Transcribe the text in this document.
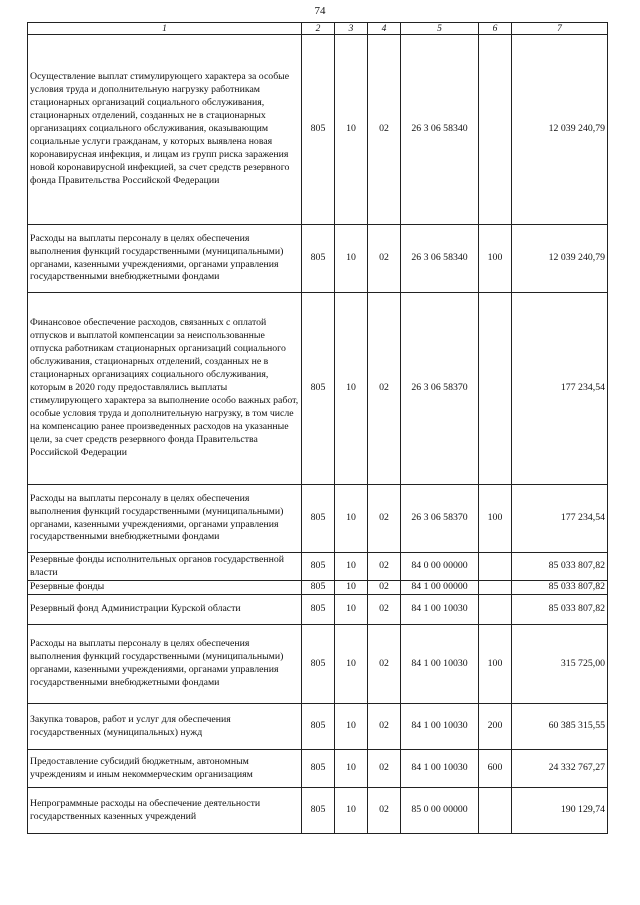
74
1	2	3	4	5	6	7
Осуществление выплат стимулирующего характера за особые условия труда и дополнительную нагрузку работникам стационарных организаций социального обслуживания, стационарных отделений, созданных не в стационарных организациях социального обслуживания, оказывающим социальные услуги гражданам, у которых выявлена новая коронавирусная инфекция, и лицам из групп риска заражения новой коронавирусной инфекцией, за счет средств резервного фонда Правительства Российской Федерации	805	10	02	26 3 06 58340		12 039 240,79
Расходы на выплаты персоналу в целях обеспечения выполнения функций государственными (муниципальными) органами, казенными учреждениями, органами управления государственными внебюджетными фондами	805	10	02	26 3 06 58340	100	12 039 240,79
Финансовое обеспечение расходов, связанных с оплатой отпусков и выплатой компенсации за неиспользованные отпуска работникам стационарных организаций социального обслуживания, стационарных отделений, созданных не в стационарных организациях социального обслуживания, которым в 2020 году предоставлялись выплаты стимулирующего характера за выполнение особо важных работ, особые условия труда и дополнительную нагрузку, в том числе на компенсацию ранее произведенных расходов на указанные цели, за счет средств резервного фонда Правительства Российской Федерации	805	10	02	26 3 06 58370		177 234,54
Расходы на выплаты персоналу в целях обеспечения выполнения функций государственными (муниципальными) органами, казенными учреждениями, органами управления государственными внебюджетными фондами	805	10	02	26 3 06 58370	100	177 234,54
Резервные фонды исполнительных органов государственной власти	805	10	02	84 0 00 00000		85 033 807,82
Резервные фонды	805	10	02	84 1 00 00000		85 033 807,82
Резервный фонд Администрации Курской области	805	10	02	84 1 00 10030		85 033 807,82
Расходы на выплаты персоналу в целях обеспечения выполнения функций государственными (муниципальными) органами, казенными учреждениями, органами управления государственными внебюджетными фондами	805	10	02	84 1 00 10030	100	315 725,00
Закупка товаров, работ и услуг для обеспечения государственных (муниципальных) нужд	805	10	02	84 1 00 10030	200	60 385 315,55
Предоставление субсидий бюджетным, автономным учреждениям и иным некоммерческим организациям	805	10	02	84 1 00 10030	600	24 332 767,27
Непрограммные расходы на обеспечение деятельности государственных казенных учреждений	805	10	02	85 0 00 00000		190 129,74
